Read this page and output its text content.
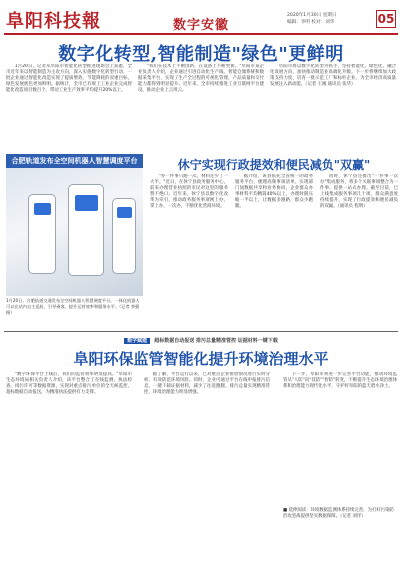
阜阳科技報	数字安徽
2020年1月30日 星期日
编辑：李明 校对：刘华	05
数字化转型,智能制造"绿色"更鲜明

1月20日，记者从阜阳市智能化转型推进现场会上获悉，全市近年来以智能制造为主攻方向，深入实施数字化转型行动，一批企业通过智能化改造实现了提质增效、节能降耗的双重目标，绿色发展底色更加鲜明。据统计，全市已有规上工业企业完成智能化改造项目数百个，带动工业生产效率平均提升20%以上。

"我们在技术上不断创新，在设备上不断更新。"阜阳市某企业负责人介绍，企业通过引进自动化生产线、智能仓储系统和数据采集平台，实现了生产全过程的可视化管理，产品质量和交付能力都得到明显提升。近年来，全市持续推进工业互联网平台建设，推动企业上云用云。

阜阳市将以数字化转型为抓手，坚持智能化、绿色化、融合化发展方向，加快推动制造业高端化升级。下一步将继续加大政策支持力度，培育一批示范工厂和标杆企业，为全市经济高质量发展注入新动能。（记者 王刚 通讯员 张华）

合肥轨道发布全空间机器人智慧调度平台
1月20日，合肥轨道交通发布全空间机器人智慧调度平台。一体化机器人可以在站内自主巡检、引导乘客，提升运营效率和服务水平。（记者 李强 摄）
休宁实现行政提效和便民减负"双赢"

"办一件事只跑一次，材料还少了一大半。"近日，在休宁县政务服务中心，前来办理营业执照的市民对这里的服务赞不绝口。近年来，休宁县以数字化改革为牵引，推动政务服务事项网上办、掌上办、一次办，不断优化营商环境。

据介绍，该县依托全省统一的政务服务平台，梳理高频事项清单，实现部门间数据共享和业务协同，企业群众办事材料平均精简40%以上，办理时限压缩一半以上，让数据多跑路，群众少跑腿。

同时，休宁县还推出"一件事一次办"集成服务，将多个关联事项整合为一件事，提供一站式办理。截至目前，已上线集成服务事项几十项，群众满意度持续提升，实现了行政提效和便民减负的双赢。（通讯员 程明）

数字赋能 超标数据自动报送 排污总量精准管控 证据材料一键下载
阜阳环保监管智能化提升环境治理水平

"数字环保平台上线后，我们的监管效率明显提高。"阜阳市生态环境局相关负责人介绍，该平台整合了在线监测、执法检查、排污许可等数据资源，实现对重点排污单位的全天候监控，超标数据自动报送，为精准执法提供有力支撑。

据了解，平台运行以来，已对重点企业排放情况进行实时分析，有效防范环境风险。同时，企业可通过平台在线申报排污信息，一键下载证据材料，减少了往返跑腿。排污总量实现精准管控，环境治理能力明显增强。

下一步，阜阳市将进一步完善平台功能，推动环境监管从"人防"向"技防""智防"转变，不断提升生态环境治理体系和治理能力现代化水平，守护好阜阳的蓝天碧水净土。

■ 延伸阅读：环境数据监测体系持续完善，为打好污染防治攻坚战提供坚实数据保障。（记者 刘洋）
